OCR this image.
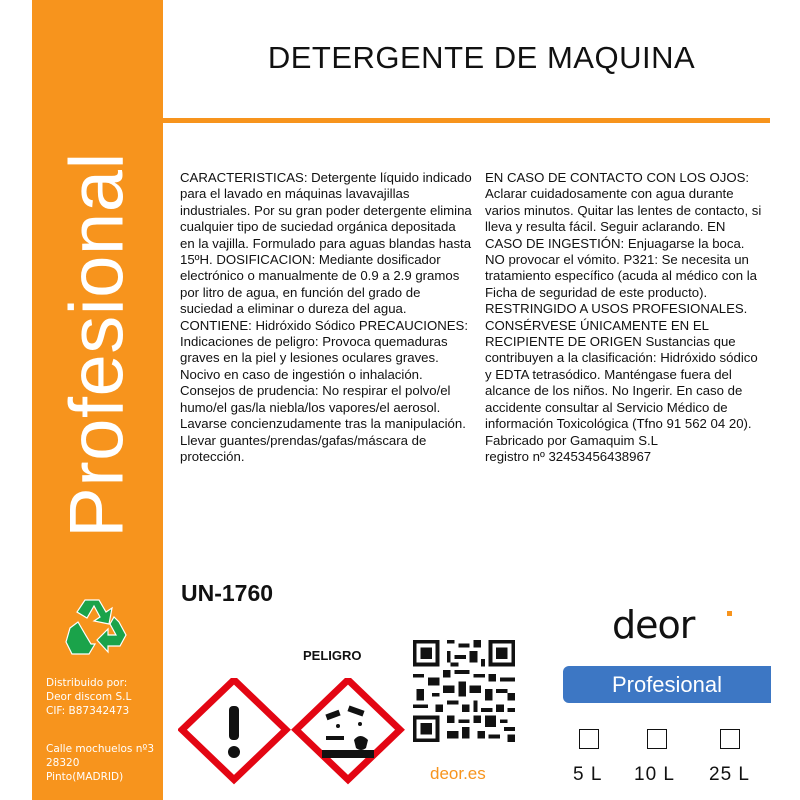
Profesional
Distribuido por:
Deor discom S.L
CIF: B87342473
Calle mochuelos nº3
28320
Pinto(MADRID)
DETERGENTE DE MAQUINA

CARACTERISTICAS: Detergente líquido indicado para el lavado en máquinas lavavajillas industriales. Por su gran poder detergente elimina cualquier tipo de suciedad orgánica depositada en la vajilla. Formulado para aguas blandas hasta 15ºH. DOSIFICACION: Mediante dosificador electrónico o manualmente de 0.9 a 2.9 gramos

por litro de agua, en función del grado de suciedad a eliminar o dureza del agua. CONTIENE: Hidróxido Sódico PRECAUCIONES: Indicaciones de peligro: Provoca quemaduras graves en la piel y lesiones oculares graves. Nocivo en caso de ingestión o inhalación. Consejos de prudencia: No respirar el polvo/el humo/el gas/la niebla/los vapores/el aerosol. Lavarse concienzudamente tras la manipulación. Llevar guantes/prendas/gafas/máscara de protección.

EN CASO DE CONTACTO CON LOS OJOS: Aclarar cuidadosamente con agua durante varios minutos. Quitar las lentes de contacto, si lleva y resulta fácil. Seguir aclarando. EN CASO DE INGESTIÓN: Enjuagarse la boca. NO provocar el vómito. P321: Se necesita un tratamiento específico (acuda al médico con la Ficha de seguridad de este producto). RESTRINGIDO A USOS PROFESIONALES. CONSÉRVESE ÚNICAMENTE EN EL RECIPIENTE DE ORIGEN Sustancias que contribuyen a la clasificación: Hidróxido sódico y EDTA tetrasódico. Manténgase fuera del alcance de los niños. No Ingerir. En caso de accidente consultar al Servicio Médico de información Toxicológica (Tfno 91 562 04 20).

Fabricado por Gamaquim S.L

registro nº 32453456438967

UN-1760
PELIGRO
deor.es
deor
Profesional
5 L 10 L 25 L
